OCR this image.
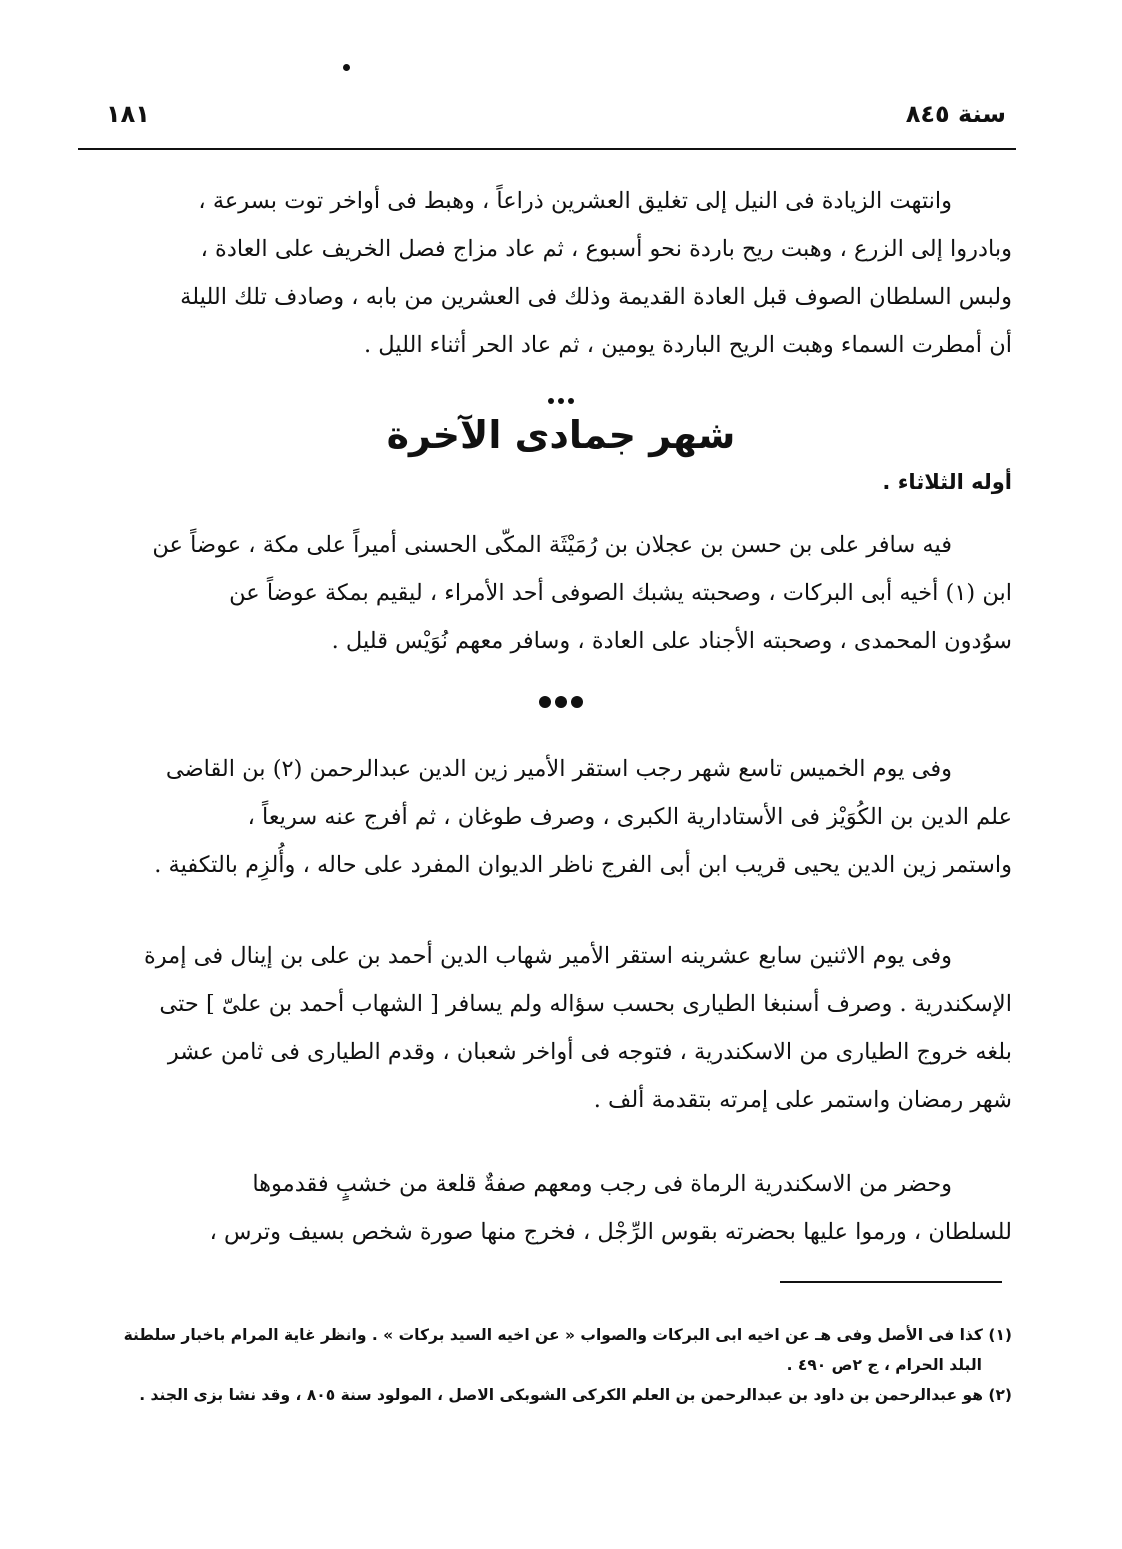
سنة ٨٤٥
١٨١
وانتهت الزيادة فى النيل إلى تغليق العشرين ذراعاً ، وهبط فى أواخر توت بسرعة ،
وبادروا إلى الزرع ، وهبت ريح باردة نحو أسبوع ، ثم عاد مزاج فصل الخريف على العادة ،
ولبس السلطان الصوف قبل العادة القديمة وذلك فى العشرين من بابه ، وصادف تلك الليلة
أن أمطرت السماء وهبت الريح الباردة يومين ، ثم عاد الحر أثناء الليل .
شهر جمادى الآخرة
أوله الثلاثاء .
فيه سافر على بن حسن بن عجلان بن رُمَيْثَة المكّى الحسنى أميراً على مكة ، عوضاً عن
ابن (١) أخيه أبى البركات ، وصحبته يشبك الصوفى أحد الأمراء ، ليقيم بمكة عوضاً عن
سوُدون المحمدى ، وصحبته الأجناد على العادة ، وسافر معهم نُوَيْس قليل .
وفى يوم الخميس تاسع شهر رجب استقر الأمير زين الدين عبدالرحمن (٢) بن القاضى
علم الدين بن الكُوَيْز فى الأستادارية الكبرى ، وصرف طوغان ، ثم أفرج عنه سريعاً ،
واستمر زين الدين يحيى قريب ابن أبى الفرج ناظر الديوان المفرد على حاله ، وأُلزِم بالتكفية .
وفى يوم الاثنين سابع عشرينه استقر الأمير شهاب الدين أحمد بن على بن إينال فى إمرة
الإسكندرية . وصرف أسنبغا الطيارى بحسب سؤاله ولم يسافر [ الشهاب أحمد بن علىّ ] حتى
بلغه خروج الطيارى من الاسكندرية ، فتوجه فى أواخر شعبان ، وقدم الطيارى فى ثامن عشر
شهر رمضان واستمر على إمرته بتقدمة ألف .
وحضر من الاسكندرية الرماة فى رجب ومعهم صفةٌ قلعة من خشبٍ فقدموها
للسلطان ، ورموا عليها بحضرته بقوس الرِّجْل ، فخرج منها صورة شخص بسيف وترس ،
(١) كذا فى الأصل وفى هـ عن اخيه ابى البركات والصواب « عن اخيه السيد بركات » . وانظر غاية المرام باخبار سلطنة
البلد الحرام ، ج ٢ص ٤٩٠ .
(٢) هو عبدالرحمن بن داود بن عبدالرحمن بن العلم الكركى الشوبكى الاصل ، المولود سنة ٨٠٥ ، وقد نشا بزى الجند .
